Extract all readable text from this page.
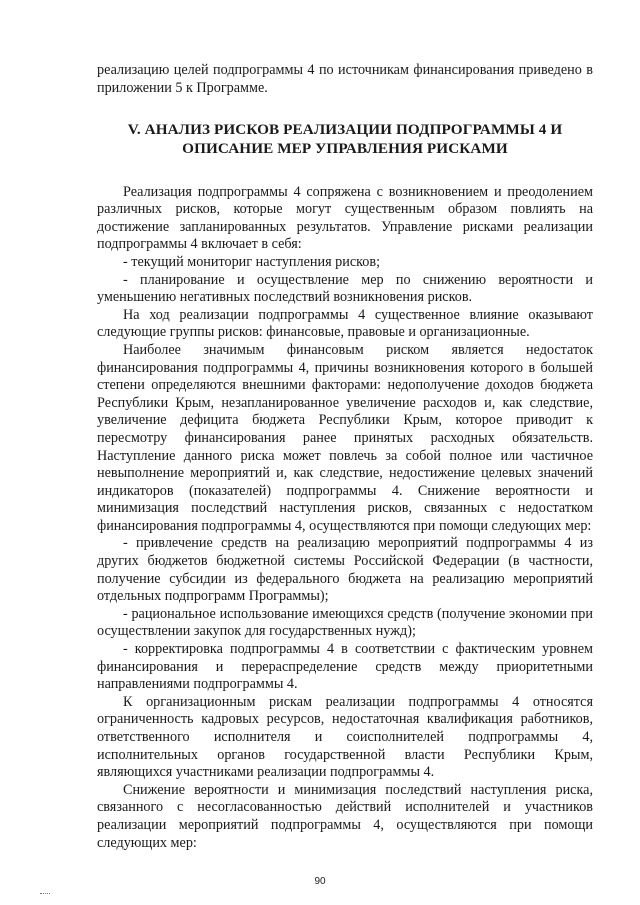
реализацию целей подпрограммы 4 по источникам финансирования приведено в приложении 5 к Программе.

V. АНАЛИЗ РИСКОВ РЕАЛИЗАЦИИ ПОДПРОГРАММЫ 4 И
ОПИСАНИЕ МЕР УПРАВЛЕНИЯ РИСКАМИ

Реализация подпрограммы 4 сопряжена с возникновением и преодолением различных рисков, которые могут существенным образом повлиять на достижение запланированных результатов. Управление рисками реализации подпрограммы 4 включает в себя:

- текущий мониториг наступления рисков;

- планирование и осуществление мер по снижению вероятности и уменьшению негативных последствий возникновения рисков.

На ход реализации подпрограммы 4 существенное влияние оказывают следующие группы рисков: финансовые, правовые и организационные.

Наиболее значимым финансовым риском является недостаток финансирования подпрограммы 4, причины возникновения которого в большей степени определяются внешними факторами: недополучение доходов бюджета Республики Крым, незапланированное увеличение расходов и, как следствие, увеличение дефицита бюджета Республики Крым, которое приводит к пересмотру финансирования ранее принятых расходных обязательств. Наступление данного риска может повлечь за собой полное или частичное невыполнение мероприятий и, как следствие, недостижение целевых значений индикаторов (показателей) подпрограммы 4. Снижение вероятности и минимизация последствий наступления рисков, связанных с недостатком финансирования подпрограммы 4, осуществляются при помощи следующих мер:

- привлечение средств на реализацию мероприятий подпрограммы 4 из других бюджетов бюджетной системы Российской Федерации (в частности, получение субсидии из федерального бюджета на реализацию мероприятий отдельных подпрограмм Программы);

- рациональное использование имеющихся средств (получение экономии при осуществлении закупок для государственных нужд);

- корректировка подпрограммы 4 в соответствии с фактическим уровнем финансирования и перераспределение средств между приоритетными направлениями подпрограммы 4.

К организационным рискам реализации подпрограммы 4 относятся ограниченность кадровых ресурсов, недостаточная квалификация работников, ответственного исполнителя и соисполнителей подпрограммы 4, исполнительных органов государственной власти Республики Крым, являющихся участниками реализации подпрограммы 4.

Снижение вероятности и минимизация последствий наступления риска, связанного с несогласованностью действий исполнителей и участников реализации мероприятий подпрограммы 4, осуществляются при помощи следующих мер:

90
